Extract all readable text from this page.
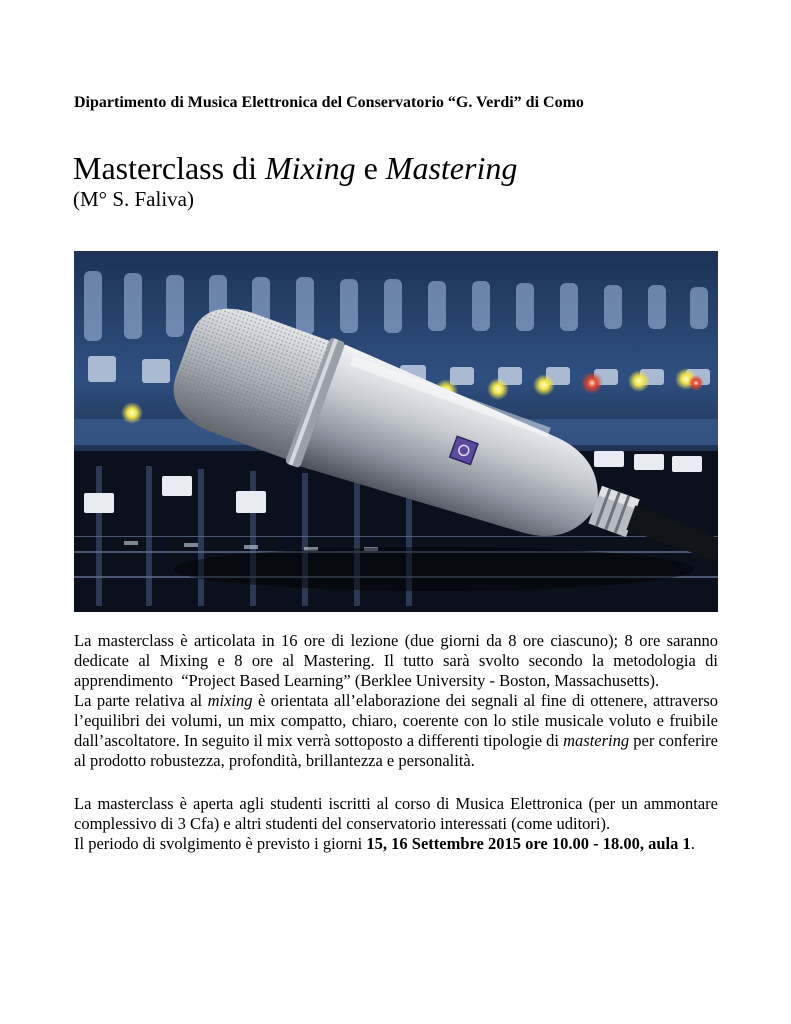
Dipartimento di Musica Elettronica del Conservatorio “G. Verdi” di Como
Masterclass di Mixing e Mastering
(M° S. Faliva)

La masterclass è articolata in 16 ore di lezione (due giorni da 8 ore ciascuno); 8 ore saranno dedicate al Mixing e 8 ore al Mastering. Il tutto sarà svolto secondo la metodologia di apprendimento  “Project Based Learning” (Berklee University - Boston, Massachusetts).

La parte relativa al mixing è orientata all’elaborazione dei segnali al fine di ottenere, attraverso l’equilibri dei volumi, un mix compatto, chiaro, coerente con lo stile musicale voluto e fruibile dall’ascoltatore. In seguito il mix verrà sottoposto a differenti tipologie di mastering per conferire al prodotto robustezza, profondità, brillantezza e personalità.

La masterclass è aperta agli studenti iscritti al corso di Musica Elettronica (per un ammontare complessivo di 3 Cfa) e altri studenti del conservatorio interessati (come uditori).

Il periodo di svolgimento è previsto i giorni 15, 16 Settembre 2015 ore 10.00 - 18.00, aula 1.
